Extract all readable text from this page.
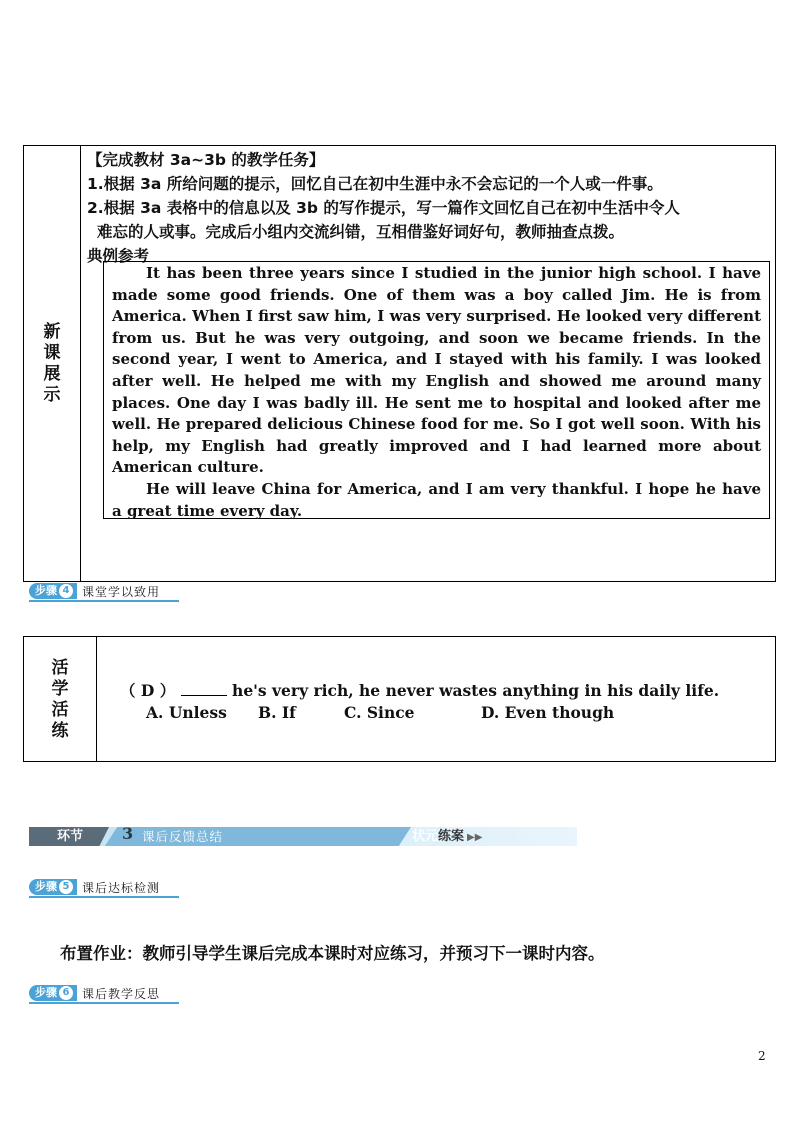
新
课
展
示
【完成教材 3a~3b 的教学任务】
1.根据 3a 所给问题的提示，回忆自己在初中生涯中永不会忘记的一个人或一件事。
2.根据 3a 表格中的信息以及 3b 的写作提示，写一篇作文回忆自己在初中生活中令人
难忘的人或事。完成后小组内交流纠错，互相借鉴好词好句，教师抽查点拨。
典例参考

It has been three years since I studied in the junior high school. I have made some good friends. One of them was a boy called Jim. He is from America. When I first saw him, I was very surprised. He looked very different from us. But he was very outgoing, and soon we became friends. In the second year, I went to America, and I stayed with his family. I was looked after well. He helped me with my English and showed me around many places. One day I was badly ill. He sent me to hospital and looked after me well. He prepared delicious Chinese food for me. So I got well soon. With his help, my English had greatly improved and I had learned more about American culture.

He will leave China for America, and I am very thankful. I hope he have a great time every day.

步骤 4 课堂学以致用
活
学
活
练
（ D ）	he's very rich, he never wastes anything in his daily life.
A. Unless B. If	C. Since	D. Even though
环节 3 课后反馈总结	状元练案 ▶▶
步骤 5 课后达标检测
布置作业：教师引导学生课后完成本课时对应练习，并预习下一课时内容。
步骤 6 课后教学反思
2
